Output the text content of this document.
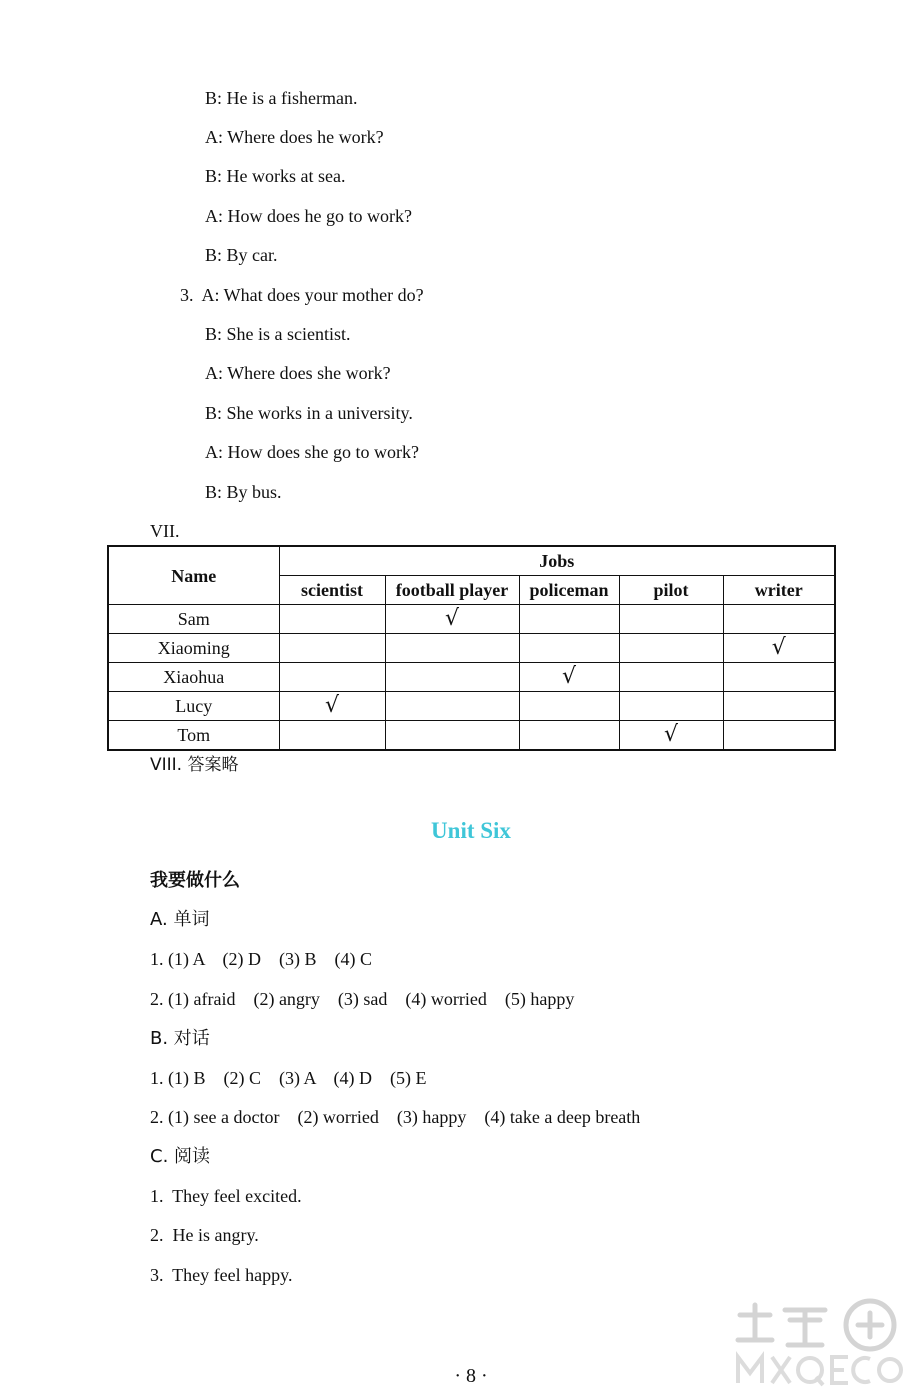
B: He is a fisherman.
A: Where does he work?
B: He works at sea.
A: How does he go to work?
B: By car.
3.  A: What does your mother do?
B: She is a scientist.
A: Where does she work?
B: She works in a university.
A: How does she go to work?
B: By bus.
VII.
Name	Jobs				
	scientist	football player	policeman	pilot	writer
Sam		√			
Xiaoming					√
Xiaohua			√		
Lucy	√				
Tom				√	
VIII. 答案略
Unit Six
我要做什么
A. 单词
1. (1) A    (2) D    (3) B    (4) C
2. (1) afraid    (2) angry    (3) sad    (4) worried    (5) happy
B. 对话
1. (1) B    (2) C    (3) A    (4) D    (5) E
2. (1) see a doctor    (2) worried    (3) happy    (4) take a deep breath
C. 阅读
1.  They feel excited.
2.  He is angry.
3.  They feel happy.
· 8 ·
